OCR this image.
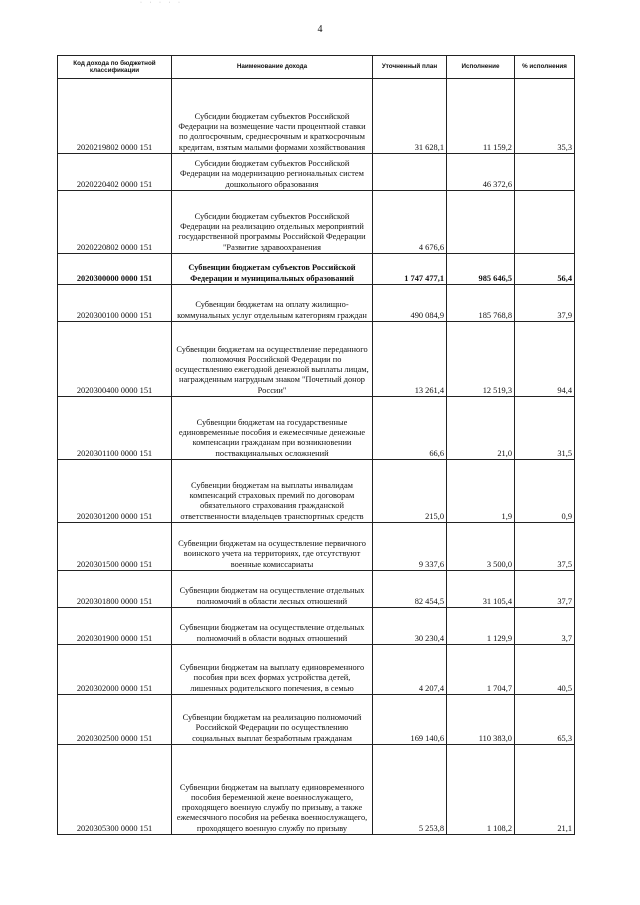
· · · · ·
4
Код дохода по бюджетной классификации	Наименование дохода	Уточненный план	Исполнение	% исполнения
2020219802 0000 151	Субсидии бюджетам субъектов Российской Федерации на возмещение части процентной ставки по долгосрочным, среднесрочным и краткосрочным кредитам, взятым малыми формами хозяйствования	31 628,1	11 159,2	35,3
2020220402 0000 151	Субсидии бюджетам субъектов Российской Федерации на модернизацию региональных систем дошкольного образования		46 372,6	
2020220802 0000 151	Субсидии бюджетам субъектов Российской Федерации на реализацию отдельных мероприятий государственной программы Российской Федерации "Развитие здравоохранения	4 676,6		
2020300000 0000 151	Субвенции бюджетам субъектов Российской Федерации и муниципальных образований	1 747 477,1	985 646,5	56,4
2020300100 0000 151	Субвенции бюджетам на оплату жилищно-коммунальных услуг отдельным категориям граждан	490 084,9	185 768,8	37,9
2020300400 0000 151	Субвенции бюджетам на осуществление переданного полномочия Российской Федерации по осуществлению ежегодной денежной выплаты лицам, награжденным нагрудным знаком "Почетный донор России"	13 261,4	12 519,3	94,4
2020301100 0000 151	Субвенции бюджетам на государственные единовременные пособия и ежемесячные денежные компенсации гражданам при возникновении поствакцинальных осложнений	66,6	21,0	31,5
2020301200 0000 151	Субвенции бюджетам на выплаты инвалидам компенсаций страховых премий по договорам обязательного страхования гражданской ответственности владельцев транспортных средств	215,0	1,9	0,9
2020301500 0000 151	Субвенции бюджетам на осуществление первичного воинского учета на территориях, где отсутствуют военные комиссариаты	9 337,6	3 500,0	37,5
2020301800 0000 151	Субвенции бюджетам на осуществление отдельных полномочий в области лесных отношений	82 454,5	31 105,4	37,7
2020301900 0000 151	Субвенции бюджетам на осуществление отдельных полномочий в области водных отношений	30 230,4	1 129,9	3,7
2020302000 0000 151	Субвенции бюджетам на выплату единовременного пособия при всех формах устройства детей, лишенных родительского попечения, в семью	4 207,4	1 704,7	40,5
2020302500 0000 151	Субвенции бюджетам на реализацию полномочий Российской Федерации по осуществлению социальных выплат безработным гражданам	169 140,6	110 383,0	65,3
2020305300 0000 151	Субвенции бюджетам на выплату единовременного пособия беременной жене военнослужащего, проходящего военную службу по призыву, а также ежемесячного пособия на ребенка военнослужащего, проходящего военную службу по призыву	5 253,8	1 108,2	21,1
